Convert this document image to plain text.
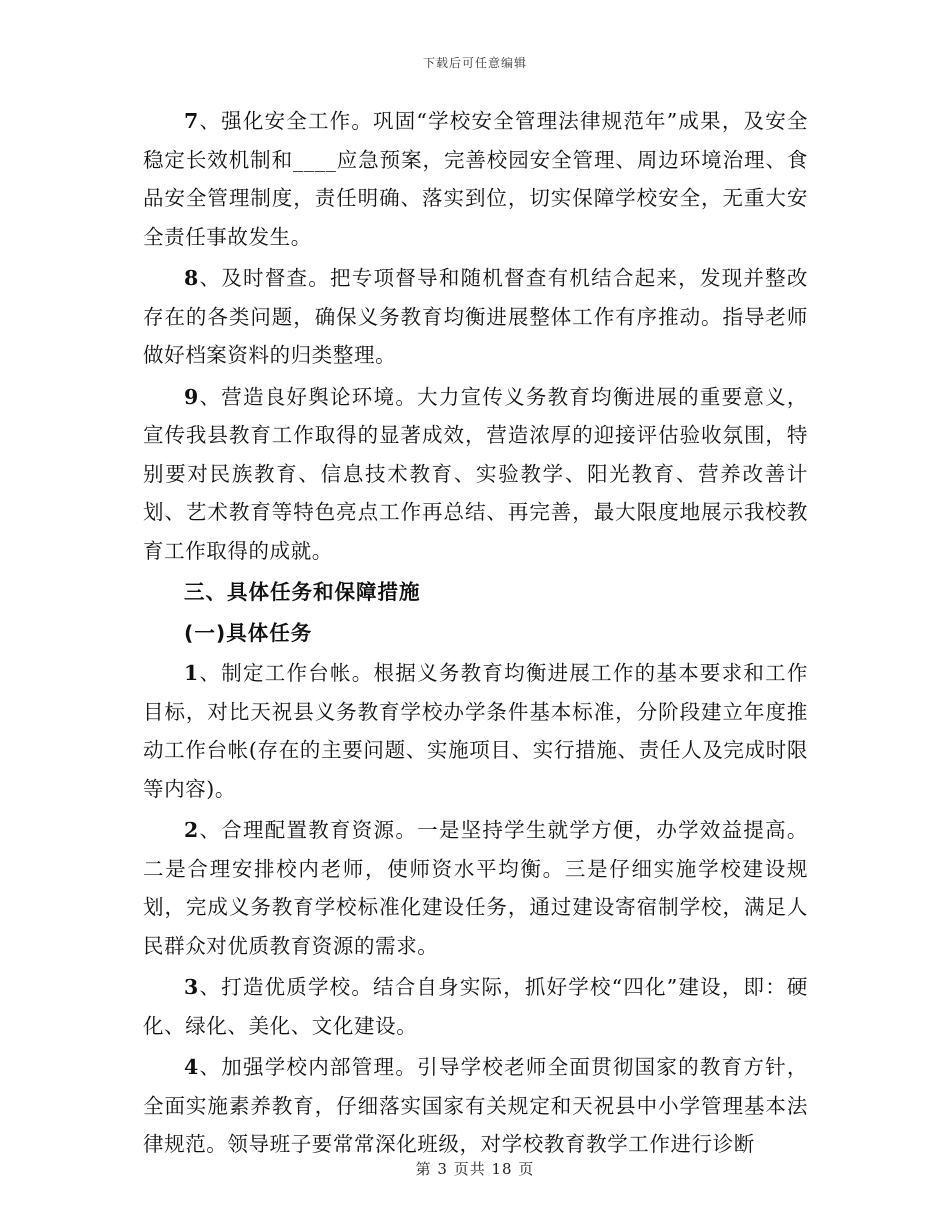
下载后可任意编辑

7、强化安全工作。巩固“学校安全管理法律规范年”成果，及安全稳定长效机制和____应急预案，完善校园安全管理、周边环境治理、食品安全管理制度，责任明确、落实到位，切实保障学校安全，无重大安全责任事故发生。

8、及时督查。把专项督导和随机督查有机结合起来，发现并整改存在的各类问题，确保义务教育均衡进展整体工作有序推动。指导老师做好档案资料的归类整理。

9、营造良好舆论环境。大力宣传义务教育均衡进展的重要意义，宣传我县教育工作取得的显著成效，营造浓厚的迎接评估验收氛围，特别要对民族教育、信息技术教育、实验教学、阳光教育、营养改善计划、艺术教育等特色亮点工作再总结、再完善，最大限度地展示我校教育工作取得的成就。

三、具体任务和保障措施

(一)具体任务

1、制定工作台帐。根据义务教育均衡进展工作的基本要求和工作目标，对比天祝县义务教育学校办学条件基本标准，分阶段建立年度推动工作台帐(存在的主要问题、实施项目、实行措施、责任人及完成时限等内容)。

2、合理配置教育资源。一是坚持学生就学方便，办学效益提高。二是合理安排校内老师，使师资水平均衡。三是仔细实施学校建设规划，完成义务教育学校标准化建设任务，通过建设寄宿制学校，满足人民群众对优质教育资源的需求。

3、打造优质学校。结合自身实际，抓好学校“四化”建设，即：硬化、绿化、美化、文化建设。

4、加强学校内部管理。引导学校老师全面贯彻国家的教育方针，全面实施素养教育，仔细落实国家有关规定和天祝县中小学管理基本法律规范。领导班子要常常深化班级，对学校教育教学工作进行诊断

第 3 页共 18 页
